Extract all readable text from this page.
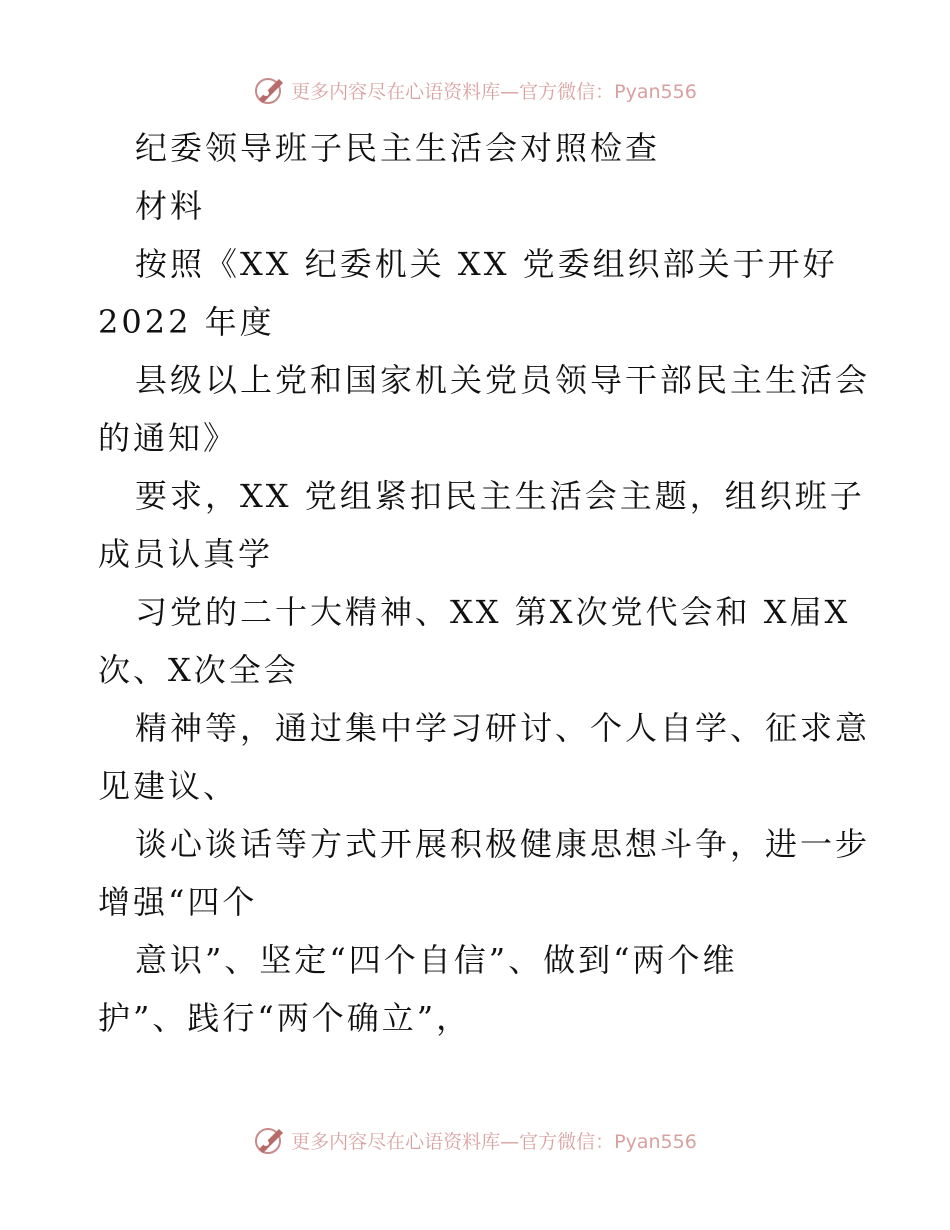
更多内容尽在心语资料库—官方微信：Pyan556
纪委领导班子民主生活会对照检查
材料
按照《XX 纪委机关 XX 党委组织部关于开好
2022 年度
县级以上党和国家机关党员领导干部民主生活会
的通知》
要求，XX 党组紧扣民主生活会主题，组织班子
成员认真学
习党的二十大精神、XX 第X次党代会和 X届X
次、X次全会
精神等，通过集中学习研讨、个人自学、征求意
见建议、
谈心谈话等方式开展积极健康思想斗争，进一步
增强“四个
意识”、坚定“四个自信”、做到“两个维
护”、践行“两个确立”，
更多内容尽在心语资料库—官方微信：Pyan556
